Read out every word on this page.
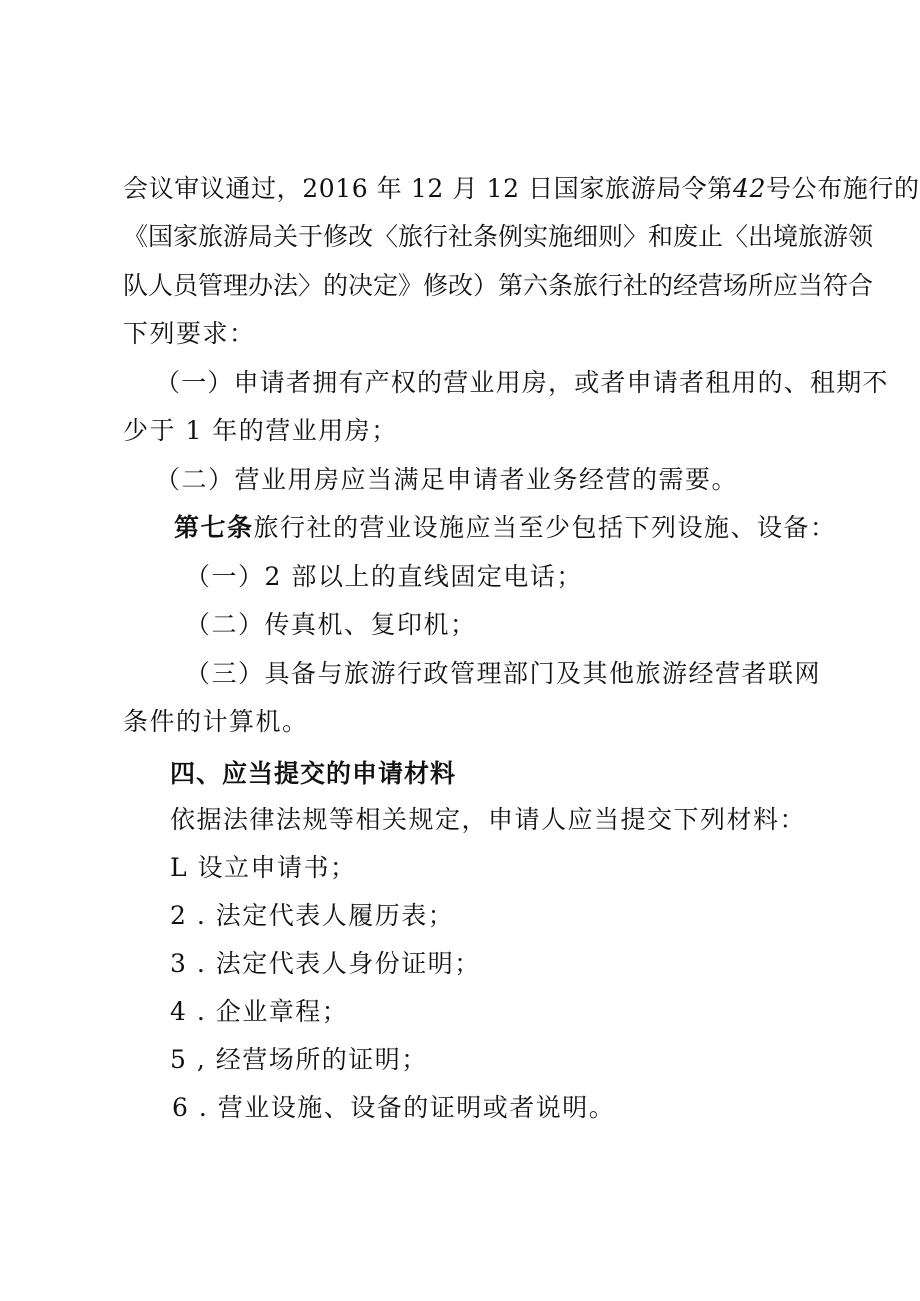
会议审议通过，2016 年 12 月 12 日国家旅游局令第42号公布施行的
《国家旅游局关于修改〈旅行社条例实施细则〉和废止〈出境旅游领
队人员管理办法〉的决定》修改）第六条旅行社的经营场所应当符合
下列要求：
（一）申请者拥有产权的营业用房，或者申请者租用的、租期不
少于 1 年的营业用房；
（二）营业用房应当满足申请者业务经营的需要。
第七条旅行社的营业设施应当至少包括下列设施、设备：
（一）2 部以上的直线固定电话；
（二）传真机、复印机；
（三）具备与旅游行政管理部门及其他旅游经营者联网
条件的计算机。
四、应当提交的申请材料
依据法律法规等相关规定，申请人应当提交下列材料：
L 设立申请书；
2 . 法定代表人履历表；
3 . 法定代表人身份证明；
4 . 企业章程；
5 , 经营场所的证明；
6 . 营业设施、设备的证明或者说明。
